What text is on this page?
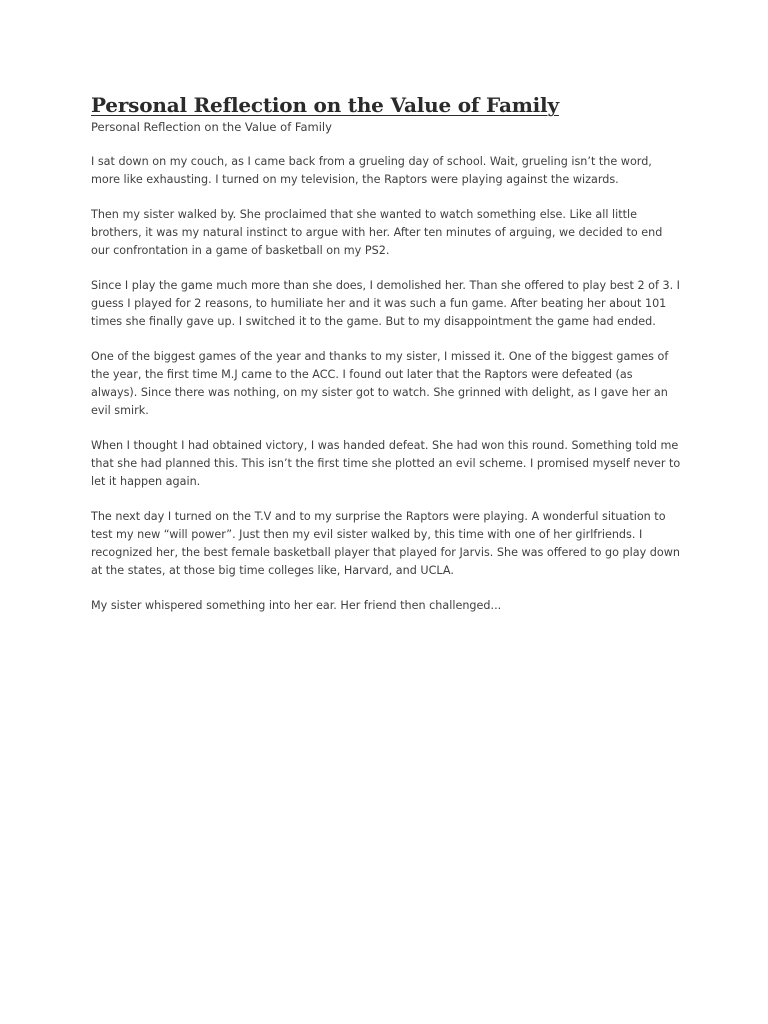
Personal Reflection on the Value of Family

Personal Reflection on the Value of Family

I sat down on my couch, as I came back from a grueling day of school. Wait, grueling isn’t the word, more like exhausting. I turned on my television, the Raptors were playing against the wizards.

Then my sister walked by. She proclaimed that she wanted to watch something else. Like all little brothers, it was my natural instinct to argue with her. After ten minutes of arguing, we decided to end our confrontation in a game of basketball on my PS2.

Since I play the game much more than she does, I demolished her. Than she offered to play best 2 of 3. I guess I played for 2 reasons, to humiliate her and it was such a fun game. After beating her about 101 times she finally gave up. I switched it to the game. But to my disappointment the game had ended.

One of the biggest games of the year and thanks to my sister, I missed it. One of the biggest games of the year, the first time M.J came to the ACC. I found out later that the Raptors were defeated (as always). Since there was nothing, on my sister got to watch. She grinned with delight, as I gave her an evil smirk.

When I thought I had obtained victory, I was handed defeat. She had won this round. Something told me that she had planned this. This isn’t the first time she plotted an evil scheme. I promised myself never to let it happen again.

The next day I turned on the T.V and to my surprise the Raptors were playing. A wonderful situation to test my new “will power”. Just then my evil sister walked by, this time with one of her girlfriends. I recognized her, the best female basketball player that played for Jarvis. She was offered to go play down at the states, at those big time colleges like, Harvard, and UCLA.

My sister whispered something into her ear. Her friend then challenged...
